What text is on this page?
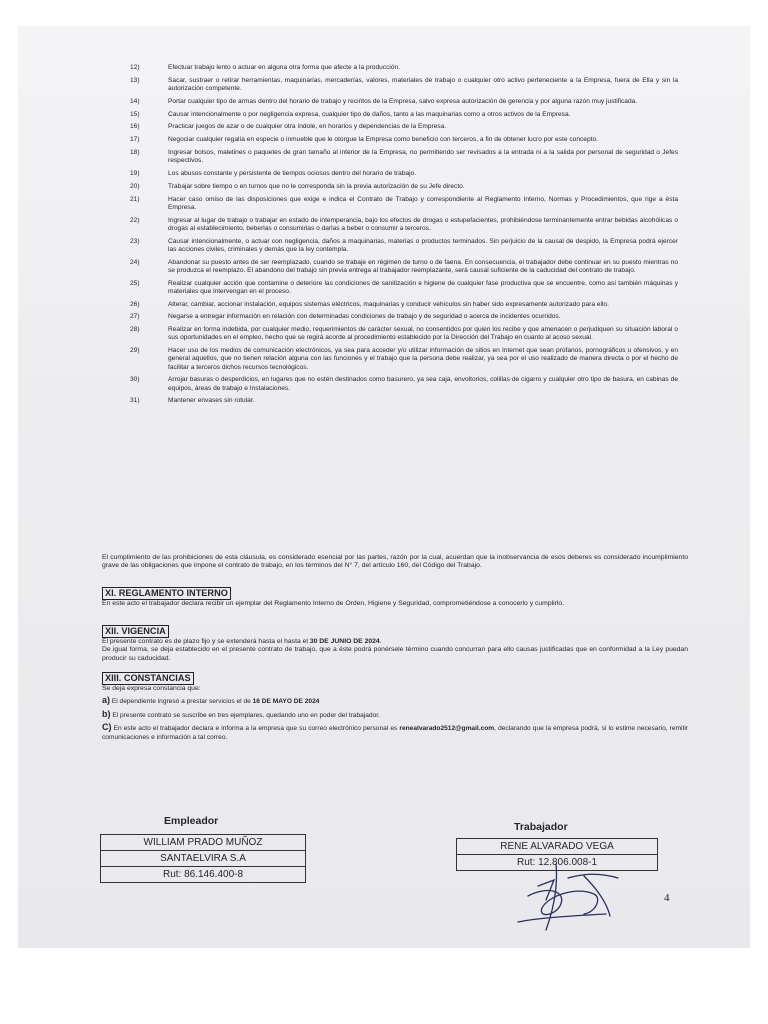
12)	Efectuar trabajo lento o actuar en alguna otra forma que afecte a la producción.
13)	Sacar, sustraer o retirar herramientas, maquinarias, mercaderías, valores, materiales de trabajo o cualquier otro activo perteneciente a la Empresa, fuera de Ella y sin la autorización competente.
14)	Portar cualquier tipo de armas dentro del horario de trabajo y recintos de la Empresa, salvo expresa autorización de gerencia y por alguna razón muy justificada.
15)	Causar intencionalmente o por negligencia expresa, cualquier tipo de daños, tanto a las maquinarias como a otros activos de la Empresa.
16)	Practicar juegos de azar o de cualquier otra índole, en horarios y dependencias de la Empresa.
17)	Negociar cualquier regalía en especie o inmueble que le otorgue la Empresa como beneficio con terceros, a fin de obtener lucro por este concepto.
18)	Ingresar bolsos, maletines o paquetes de gran tamaño al interior de la Empresa, no permitiendo ser revisados a la entrada ni a la salida por personal de seguridad o Jefes respectivos.
19)	Los abusos constante y persistente de tiempos ociosos dentro del horario de trabajo.
20)	Trabajar sobre tiempo o en turnos que no le corresponda sin la previa autorización de su Jefe directo.
21)	Hacer caso omiso de las disposiciones que exige e indica el Contrato de Trabajo y correspondiente al Reglamento Interno, Normas y Procedimientos, que rige a ésta Empresa.
22)	Ingresar al lugar de trabajo o trabajar en estado de intemperancia, bajo los efectos de drogas o estupefacientes, prohibiéndose terminantemente entrar bebidas alcohólicas o drogas al establecimiento, beberlas o consumirlas o darlas a beber o consumir a terceros.
23)	Causar intencionalmente, o actuar con negligencia, daños a maquinarias, materias o productos terminados. Sin perjuicio de la causal de despido, la Empresa podrá ejercer las acciones civiles, criminales y demás que la ley contempla.
24)	Abandonar su puesto antes de ser reemplazado, cuando se trabaje en régimen de turno o de faena. En consecuencia, el trabajador debe continuar en su puesto mientras no se produzca el reemplazo. El abandono del trabajo sin previa entrega al trabajador reemplazante, será causal suficiente de la caducidad del contrato de trabajo.
25)	Realizar cualquier acción que contamine o deteriore las condiciones de sanitización e higiene de cualquier fase productiva que se encuentre, como así también máquinas y materiales que intervengan en el proceso.
26)	Alterar, cambiar, accionar instalación, equipos sistemas eléctricos, maquinarias y conducir vehículos sin haber sido expresamente autorizado para ello.
27)	Negarse a entregar información en relación con determinadas condiciones de trabajo y de seguridad o acerca de incidentes ocurridos.
28)	Realizar en forma indebida, por cualquier medio, requerimientos de carácter sexual, no consentidos por quien los recibe y que amenacen o perjudiquen su situación laboral o sus oportunidades en el empleo, hecho que se regirá acorde al procedimiento establecido por la Dirección del Trabajo en cuanto al acoso sexual.
29)	Hacer uso de los medios de comunicación electrónicos, ya sea para acceder y/o utilizar información de sitios en Internet que sean profanos, pornográficos u ofensivos, y en general aquellos, que no tienen relación alguna con las funciones y el trabajo que la persona debe realizar, ya sea por el uso realizado de manera directa o por el hecho de facilitar a terceros dichos recursos tecnológicos.
30)	Arrojar basuras o desperdicios, en lugares que no estén destinados como basurero, ya sea caja, envoltorios, colillas de cigarro y cualquier otro tipo de basura, en cabinas de equipos, áreas de trabajo e Instalaciones.
31)	Mantener envases sin rotular.

El cumplimiento de las prohibiciones de esta cláusula, es considerado esencial por las partes, razón por la cual, acuerdan que la inobservancia de esos deberes es considerado incumplimiento grave de las obligaciones que impone el contrato de trabajo, en los términos del N° 7, del artículo 160, del Código del Trabajo.

XI. REGLAMENTO INTERNO

En este acto el trabajador declara recibir un ejemplar del Reglamento Interno de Orden, Higiene y Seguridad, comprometiéndose a conocerlo y cumplirlo.

XII. VIGENCIA

El presente contrato es de plazo fijo y se extenderá hasta el hasta el 30 DE JUNIO DE 2024.

De igual forma, se deja establecido en el presente contrato de trabajo, que a éste podrá ponérsele término cuando concurran para ello causas justificadas que en conformidad a la Ley puedan producir su caducidad.

XIII. CONSTANCIAS

Se deja expresa constancia que:

a) El dependiente ingresó a prestar servicios el de 16 DE MAYO DE 2024
b) El presente contrato se suscribe en tres ejemplares, quedando uno en poder del trabajador.
C) En este acto el trabajador declara e informa a la empresa que su correo electrónico personal es renealvarado2512@gmail.com, declarando que la empresa podrá, si lo estime necesario, remitir comunicaciones e información a tal correo.
Empleador
WILLIAM PRADO MUÑOZ
SANTAELVIRA S.A
Rut: 86.146.400-8
Trabajador
RENE ALVARADO VEGA
Rut: 12.806.008-1
4
